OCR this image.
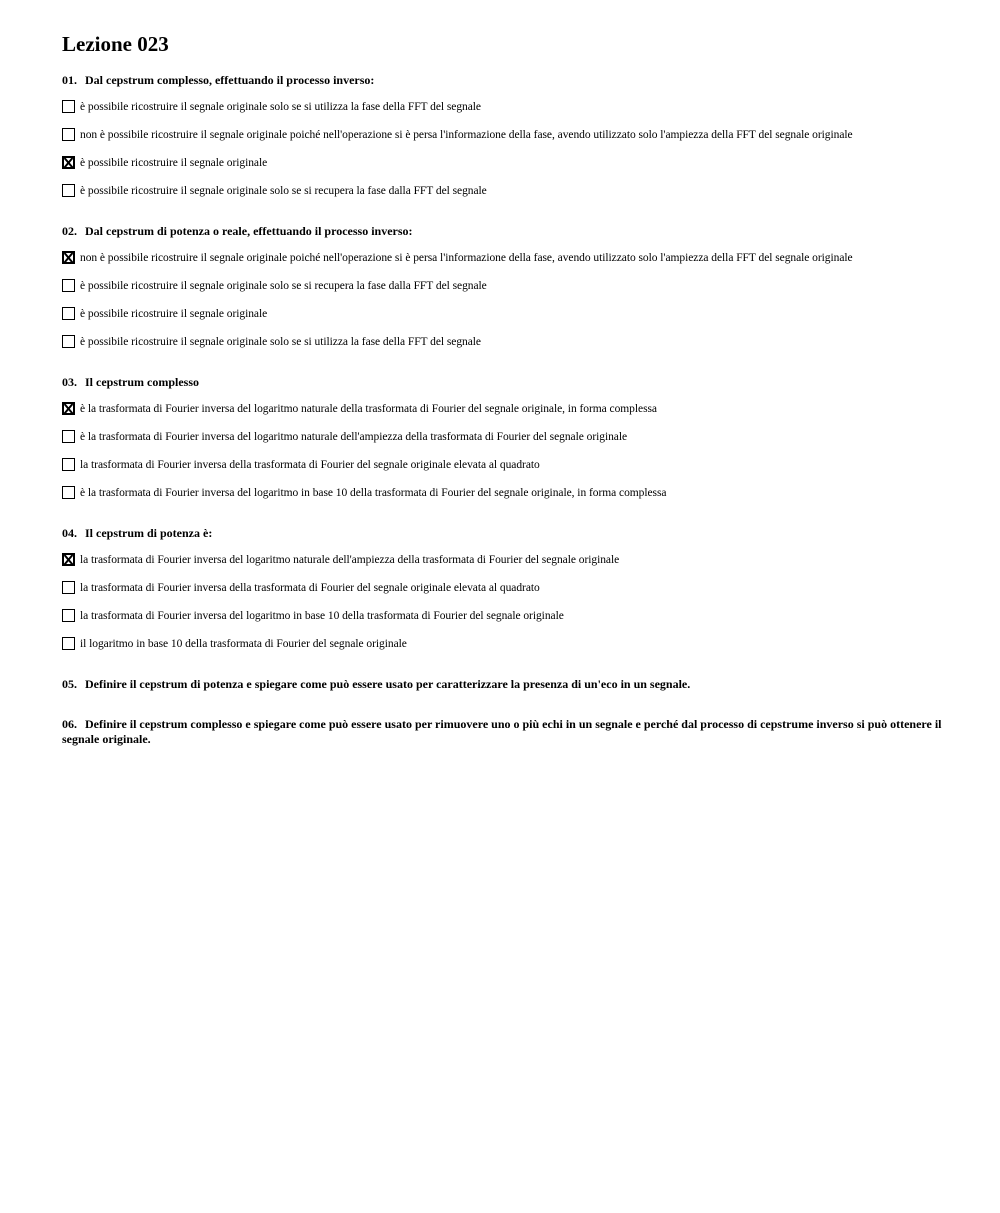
Lezione 023

01. Dal cepstrum complesso, effettuando il processo inverso:

è possibile ricostruire il segnale originale solo se si utilizza la fase della FFT del segnale
non è possibile ricostruire il segnale originale poiché nell'operazione si è persa l'informazione della fase, avendo utilizzato solo l'ampiezza della FFT del segnale originale
è possibile ricostruire il segnale originale
è possibile ricostruire il segnale originale solo se si recupera la fase dalla FFT del segnale

02. Dal cepstrum di potenza o reale, effettuando il processo inverso:

non è possibile ricostruire il segnale originale poiché nell'operazione si è persa l'informazione della fase, avendo utilizzato solo l'ampiezza della FFT del segnale originale
è possibile ricostruire il segnale originale solo se si recupera la fase dalla FFT del segnale
è possibile ricostruire il segnale originale
è possibile ricostruire il segnale originale solo se si utilizza la fase della FFT del segnale

03. Il cepstrum complesso

è la trasformata di Fourier inversa del logaritmo naturale della trasformata di Fourier del segnale originale, in forma complessa
è la trasformata di Fourier inversa del logaritmo naturale dell'ampiezza della trasformata di Fourier del segnale originale
la trasformata di Fourier inversa della trasformata di Fourier del segnale originale elevata al quadrato
è la trasformata di Fourier inversa del logaritmo in base 10 della trasformata di Fourier del segnale originale, in forma complessa

04. Il cepstrum di potenza è:

la trasformata di Fourier inversa del logaritmo naturale dell'ampiezza della trasformata di Fourier del segnale originale
la trasformata di Fourier inversa della trasformata di Fourier del segnale originale elevata al quadrato
la trasformata di Fourier inversa del logaritmo in base 10 della trasformata di Fourier del segnale originale
il logaritmo in base 10 della trasformata di Fourier del segnale originale

05. Definire il cepstrum di potenza e spiegare come può essere usato per caratterizzare la presenza di un'eco in un segnale.

06. Definire il cepstrum complesso e spiegare come può essere usato per rimuovere uno o più echi in un segnale e perché dal processo di cepstrume inverso si può ottenere il segnale originale.
